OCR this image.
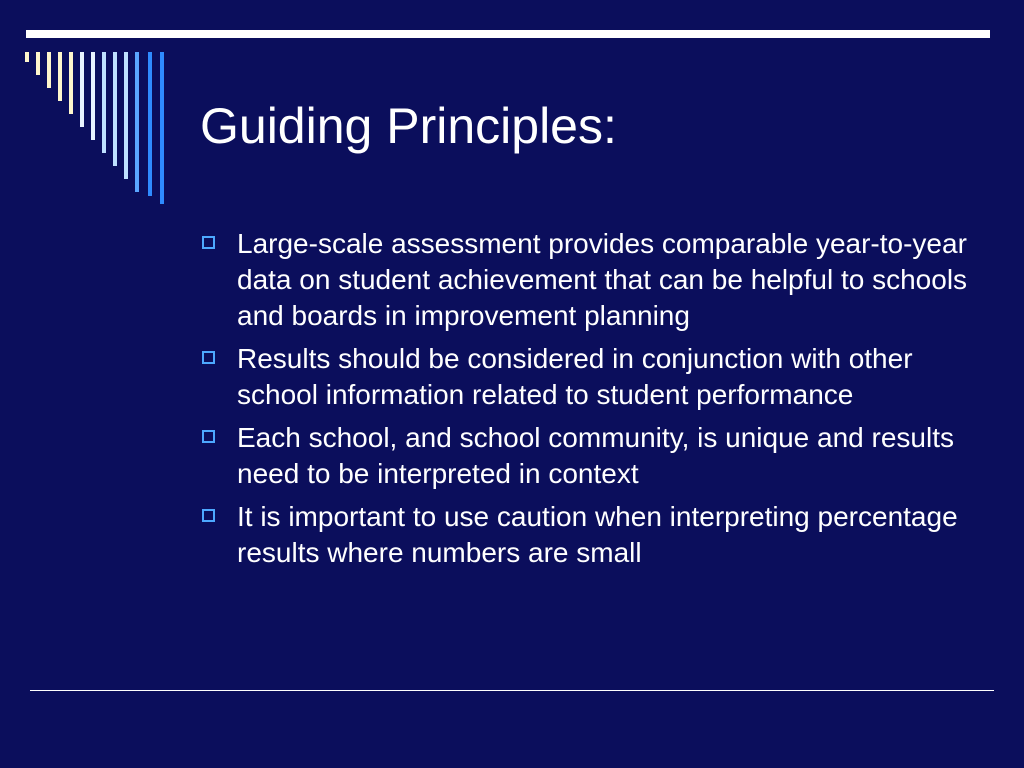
Guiding Principles:
Large-scale assessment provides comparable year-to-year data on student achievement that can be helpful to schools and boards in improvement planning
Results should be considered in conjunction with other school information related to student performance
Each school, and school community, is unique and results need to be interpreted in context
It is important to use caution when interpreting percentage results where numbers are small
